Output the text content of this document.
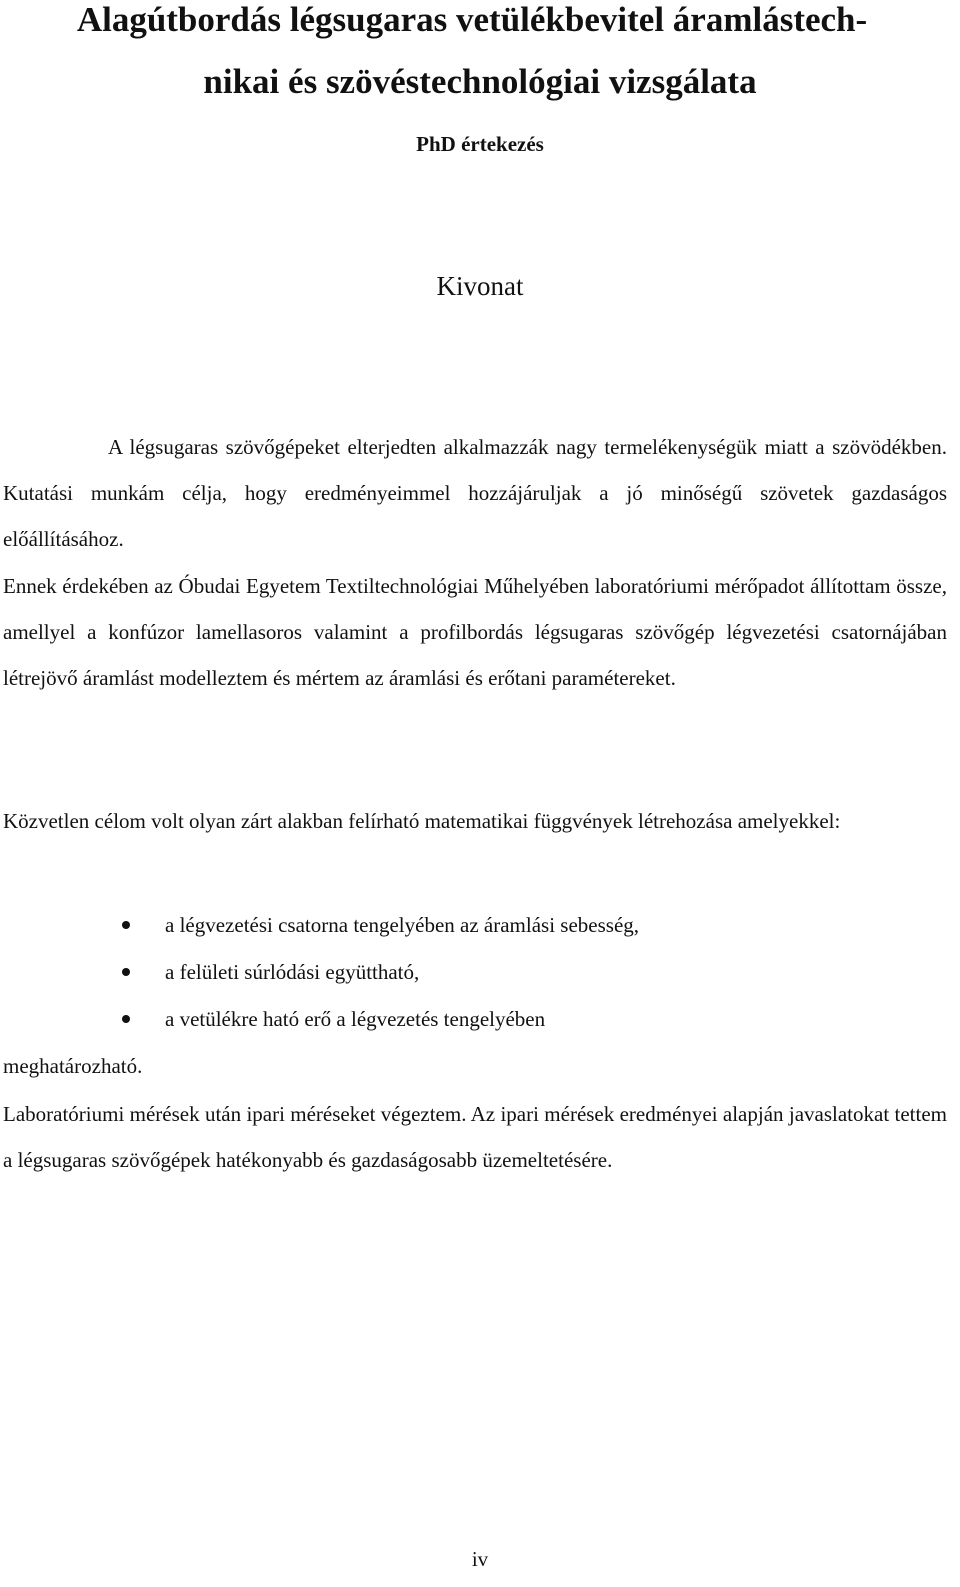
Alagútbordás légsugaras vetülékbevitel áramlástech-
nikai és szövéstechnológiai vizsgálata
PhD értekezés
Kivonat

A légsugaras szövőgépeket elterjedten alkalmazzák nagy termelékenységük miatt a szövödékben. Kutatási munkám célja, hogy eredményeimmel hozzájáruljak a jó minőségű szövetek gazdaságos előállításához.

Ennek érdekében az Óbudai Egyetem Textiltechnológiai Műhelyében laboratóriumi mérőpadot állítottam össze, amellyel a konfúzor lamellasoros valamint a profilbordás légsugaras szövőgép légvezetési csatornájában létrejövő áramlást modelleztem és mértem az áramlási és erőtani paramétereket.

Közvetlen célom volt olyan zárt alakban felírható matematikai függvények létrehozása amelyekkel:

a légvezetési csatorna tengelyében az áramlási sebesség,
a felületi súrlódási együttható,
a vetülékre ható erő a légvezetés tengelyében

meghatározható.

Laboratóriumi mérések után ipari méréseket végeztem. Az ipari mérések eredményei alapján javaslatokat tettem a légsugaras szövőgépek hatékonyabb és gazdaságosabb üzemeltetésére.

iv
